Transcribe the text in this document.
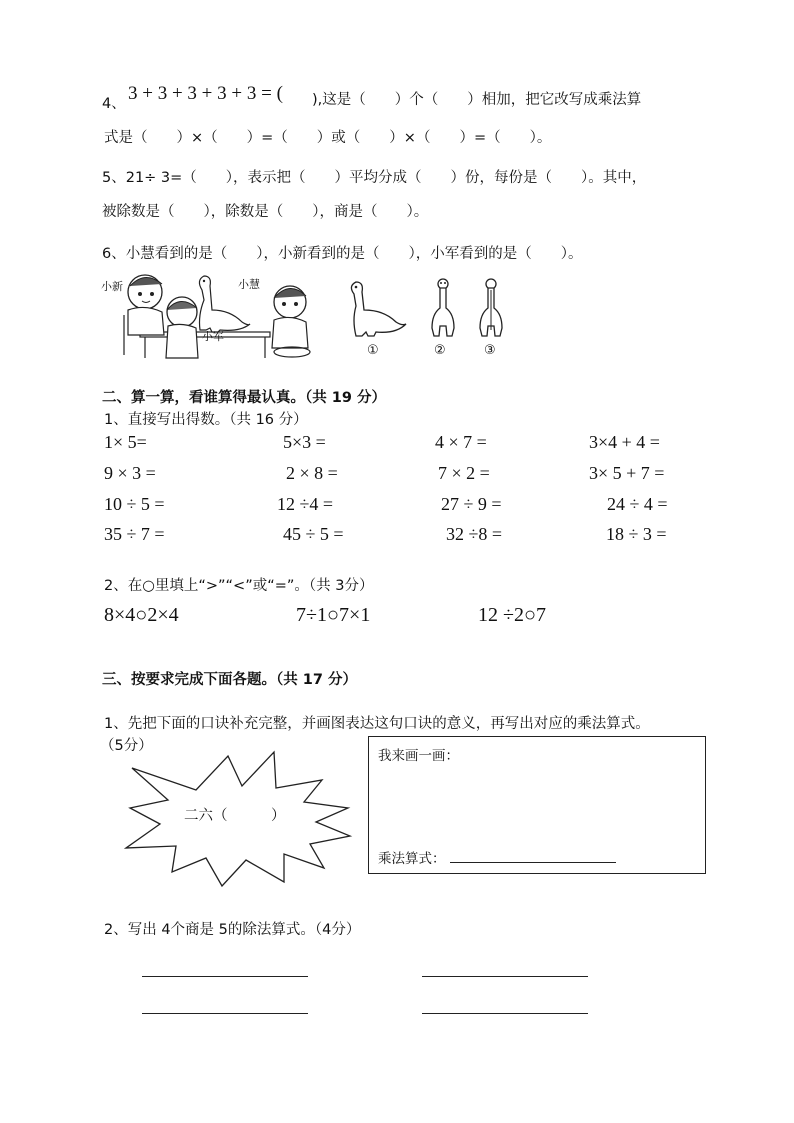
4、 3 + 3 + 3 + 3 + 3 = ( ),这是（　　）个（　　）相加，把它改写成乘法算
式是（　　）×（　　）=（　　）或（　　）×（　　）=（　　）。
5、21÷ 3=（　　），表示把（　　）平均分成（　　）份，每份是（　　）。其中，
被除数是（　　），除数是（　　），商是（　　）。
6、小慧看到的是（　　），小新看到的是（　　），小军看到的是（　　）。
小新	小慧
小军
①	②	③
二、算一算，看谁算得最认真。（共 19 分）
1、直接写出得数。（共 16 分）
1× 5=	5×3 =	4 × 7 =	3×4 + 4 =
9 × 3 =	2 × 8 =	7 × 2 =	3× 5 + 7 =
10 ÷ 5 =	12 ÷4 =	27 ÷ 9 =	24 ÷ 4 =
35 ÷ 7 =	45 ÷ 5 =	32 ÷8 =	18 ÷ 3 =
2、在○里填上“>”“<”或“=”。（共 3分）
8×4○2×4	7÷1○7×1	12 ÷2○7
三、按要求完成下面各题。（共 17 分）
1、先把下面的口诀补充完整，并画图表达这句口诀的意义，再写出对应的乘法算式。
（5分）
二六（　　　）
我来画一画：
乘法算式：
2、写出 4个商是 5的除法算式。（4分）
